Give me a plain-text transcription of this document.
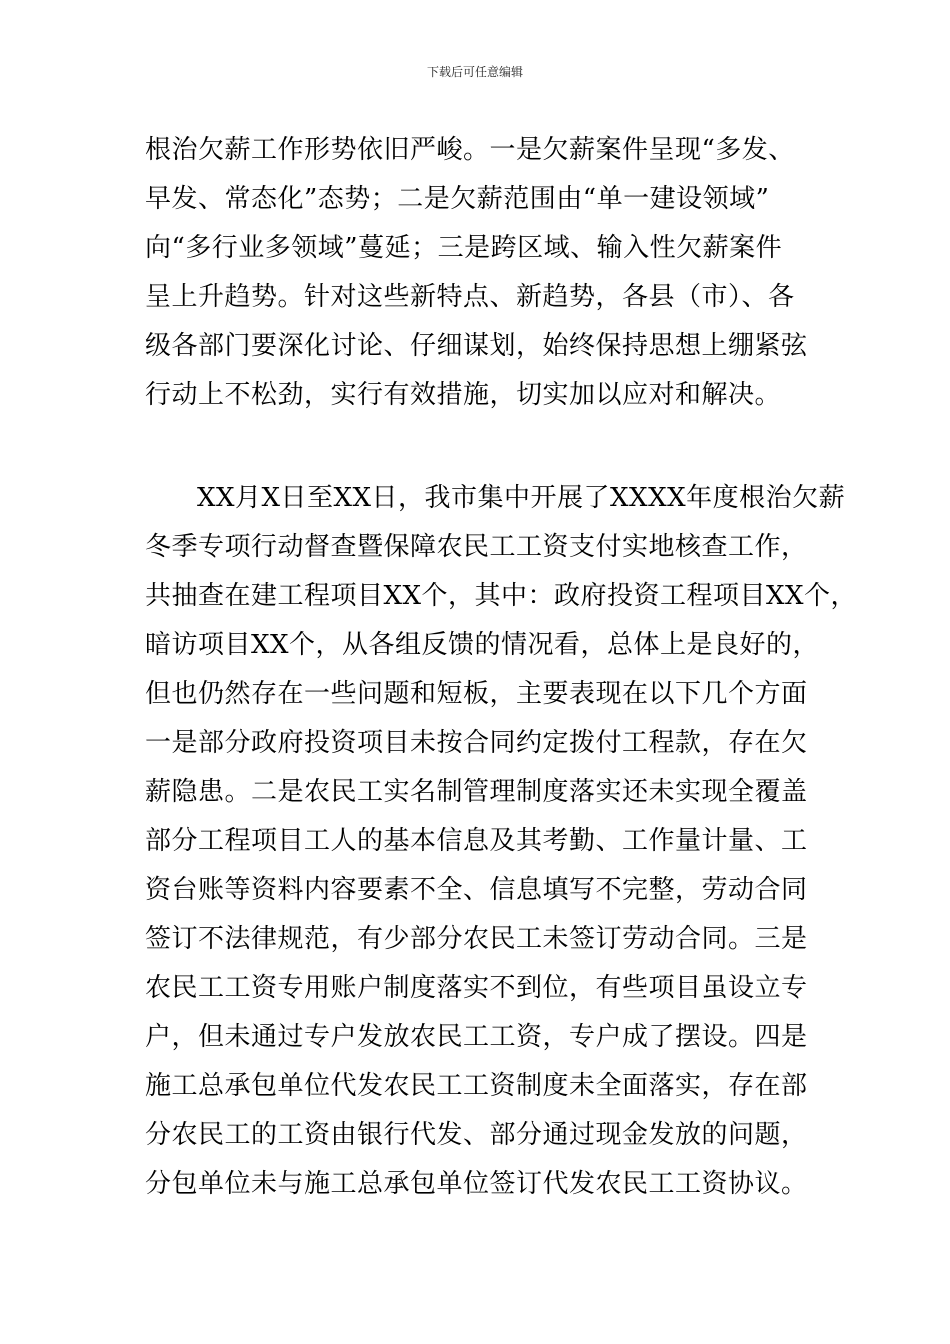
下载后可任意编辑
根治欠薪工作形势依旧严峻。一是欠薪案件呈现“多发、
早发、常态化”态势；二是欠薪范围由“单一建设领域”
向“多行业多领域”蔓延；三是跨区域、输入性欠薪案件
呈上升趋势。针对这些新特点、新趋势，各县（市）、各
级各部门要深化讨论、仔细谋划，始终保持思想上绷紧弦
行动上不松劲，实行有效措施，切实加以应对和解决。
XX月X日至XX日，我市集中开展了XXXX年度根治欠薪
冬季专项行动督查暨保障农民工工资支付实地核查工作，
共抽查在建工程项目XX个，其中：政府投资工程项目XX个，
暗访项目XX个，从各组反馈的情况看，总体上是良好的，
但也仍然存在一些问题和短板，主要表现在以下几个方面
一是部分政府投资项目未按合同约定拨付工程款，存在欠
薪隐患。二是农民工实名制管理制度落实还未实现全覆盖
部分工程项目工人的基本信息及其考勤、工作量计量、工
资台账等资料内容要素不全、信息填写不完整，劳动合同
签订不法律规范，有少部分农民工未签订劳动合同。三是
农民工工资专用账户制度落实不到位，有些项目虽设立专
户，但未通过专户发放农民工工资，专户成了摆设。四是
施工总承包单位代发农民工工资制度未全面落实，存在部
分农民工的工资由银行代发、部分通过现金发放的问题，
分包单位未与施工总承包单位签订代发农民工工资协议。
